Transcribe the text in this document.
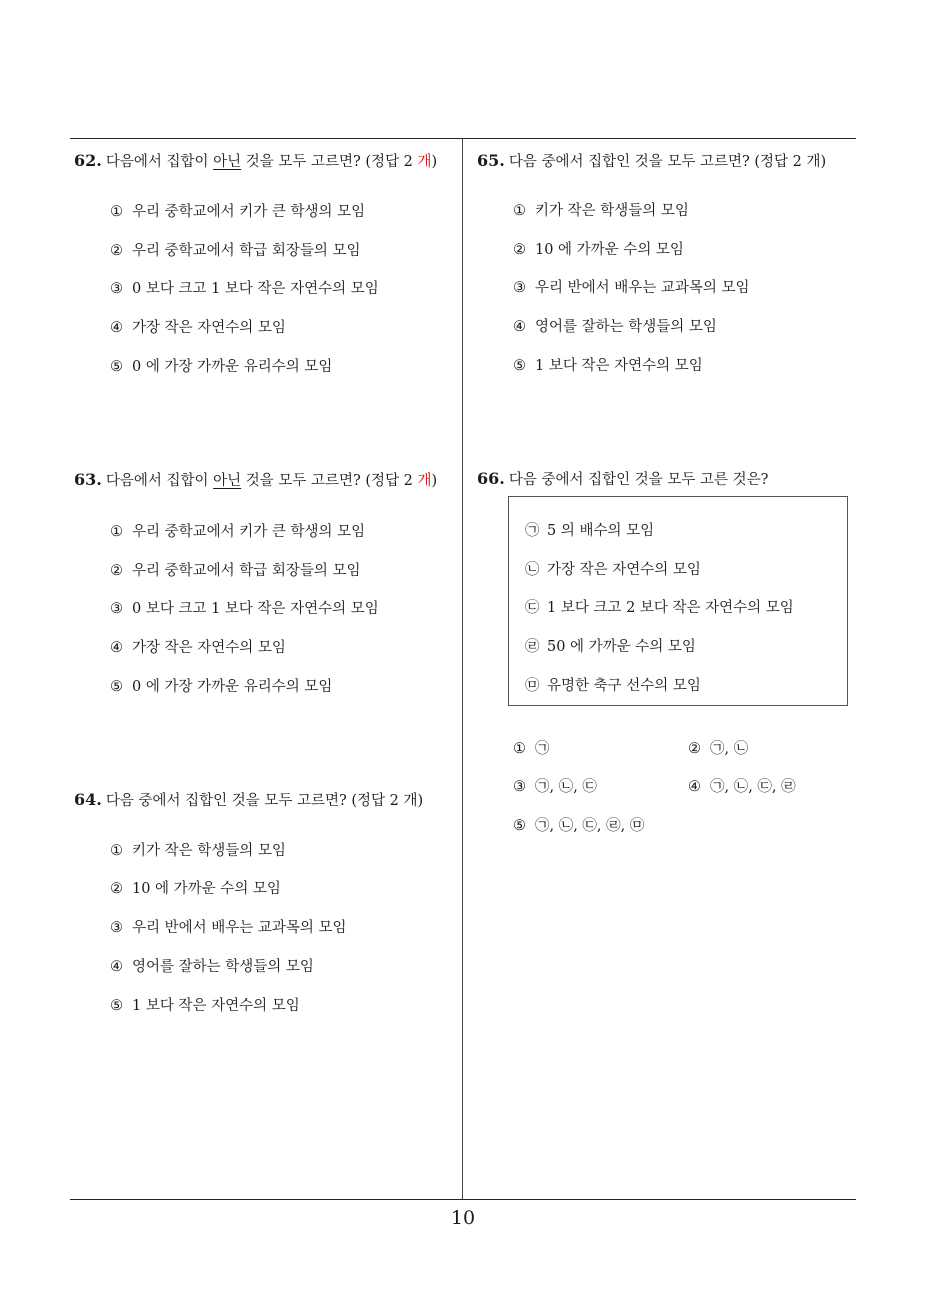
62. 다음에서 집합이 아닌 것을 모두 고르면? (정답 2 개)
① 우리 중학교에서 키가 큰 학생의 모임
② 우리 중학교에서 학급 회장들의 모임
③ 0 보다 크고 1 보다 작은 자연수의 모임
④ 가장 작은 자연수의 모임
⑤ 0 에 가장 가까운 유리수의 모임
63. 다음에서 집합이 아닌 것을 모두 고르면? (정답 2 개)
① 우리 중학교에서 키가 큰 학생의 모임
② 우리 중학교에서 학급 회장들의 모임
③ 0 보다 크고 1 보다 작은 자연수의 모임
④ 가장 작은 자연수의 모임
⑤ 0 에 가장 가까운 유리수의 모임
64. 다음 중에서 집합인 것을 모두 고르면? (정답 2 개)
① 키가 작은 학생들의 모임
② 10 에 가까운 수의 모임
③ 우리 반에서 배우는 교과목의 모임
④ 영어를 잘하는 학생들의 모임
⑤ 1 보다 작은 자연수의 모임
65. 다음 중에서 집합인 것을 모두 고르면? (정답 2 개)
① 키가 작은 학생들의 모임
② 10 에 가까운 수의 모임
③ 우리 반에서 배우는 교과목의 모임
④ 영어를 잘하는 학생들의 모임
⑤ 1 보다 작은 자연수의 모임
66. 다음 중에서 집합인 것을 모두 고른 것은?
㉠ 5 의 배수의 모임
㉡ 가장 작은 자연수의 모임
㉢ 1 보다 크고 2 보다 작은 자연수의 모임
㉣ 50 에 가까운 수의 모임
㉤ 유명한 축구 선수의 모임
① ㉠	② ㉠, ㉡
③ ㉠, ㉡, ㉢	④ ㉠, ㉡, ㉢, ㉣
⑤ ㉠, ㉡, ㉢, ㉣, ㉤
10
